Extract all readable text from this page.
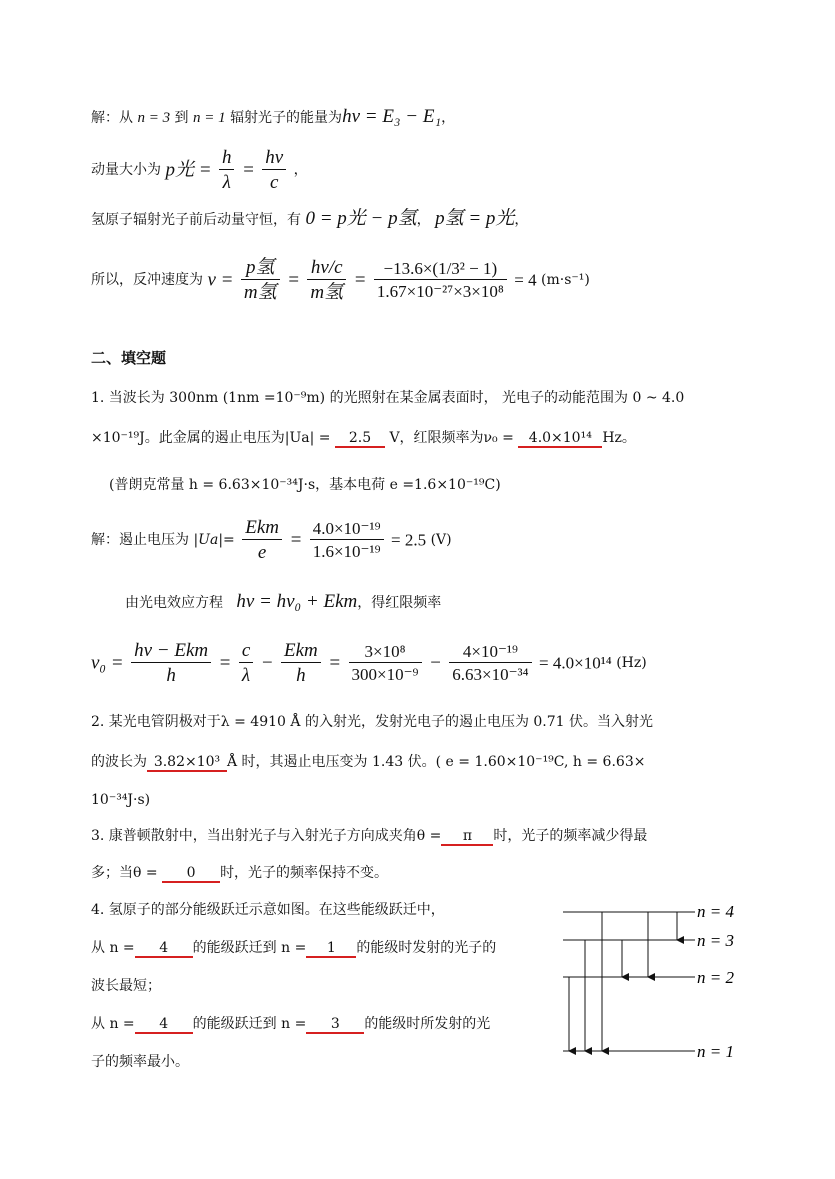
解：从 n = 3 到 n = 1 辐射光子的能量为hν = E₃ − E₁，
动量大小为 p光 = $\frac{h}{\lambda} = \frac{h\nu}{c}$ ，
氢原子辐射光子前后动量守恒，有 0 = p光 − p氢， p氢 = p光，
所以，反冲速度为 $v = \frac{\text{p氢}}{\text{m氢}} = \frac{h\nu/c}{\text{m氢}} = \frac{\text{−13.6×(1/3² − 1)}}{\text{1.67×10⁻²⁷×3×10⁸}} = 4$ (m·s⁻¹)
二、填空题
1. 当波长为 300nm (1nm =10⁻⁹m) 的光照射在某金属表面时， 光电子的动能范围为 0 ~ 4.0
×10⁻¹⁹J。此金属的遏止电压为|Ua| = 2.5 V，红限频率为ν₀ = 4.0×10¹⁴ Hz。
(普朗克常量 h = 6.63×10⁻³⁴J·s，基本电荷 e =1.6×10⁻¹⁹C)
解：遏止电压为 $|Ua|= \frac{\text{Ekm}}{e} = \frac{\text{4.0×10⁻¹⁹}}{\text{1.6×10⁻¹⁹}} = 2.5$ (V)
由光电效应方程 hν = hν₀ + Ekm，得红限频率
$\nu_0 = \frac{\text{hν − Ekm}}{h} = \frac{c}{\lambda} - \frac{\text{Ekm}}{h} = \frac{\text{3×10⁸}}{\text{300×10⁻⁹}} - \frac{\text{4×10⁻¹⁹}}{\text{6.63×10⁻³⁴}} = 4.0\times 10^{14}$ (Hz)
2. 某光电管阴极对于λ = 4910 Å 的入射光，发射光电子的遏止电压为 0.71 伏。当入射光
的波长为 3.82×10³ Å 时，其遏止电压变为 1.43 伏。( e = 1.60×10⁻¹⁹C, h = 6.63×
10⁻³⁴J·s)
3. 康普顿散射中，当出射光子与入射光子方向成夹角θ = π 时，光子的频率减少得最
多；当θ = 0 时，光子的频率保持不变。
4. 氢原子的部分能级跃迁示意如图。在这些能级跃迁中，
从 n = 4 的能级跃迁到 n = 1 的能级时发射的光子的
波长最短；
从 n = 4 的能级跃迁到 n = 3 的能级时所发射的光
子的频率最小。
n = 4
n = 3
n = 2
n = 1
